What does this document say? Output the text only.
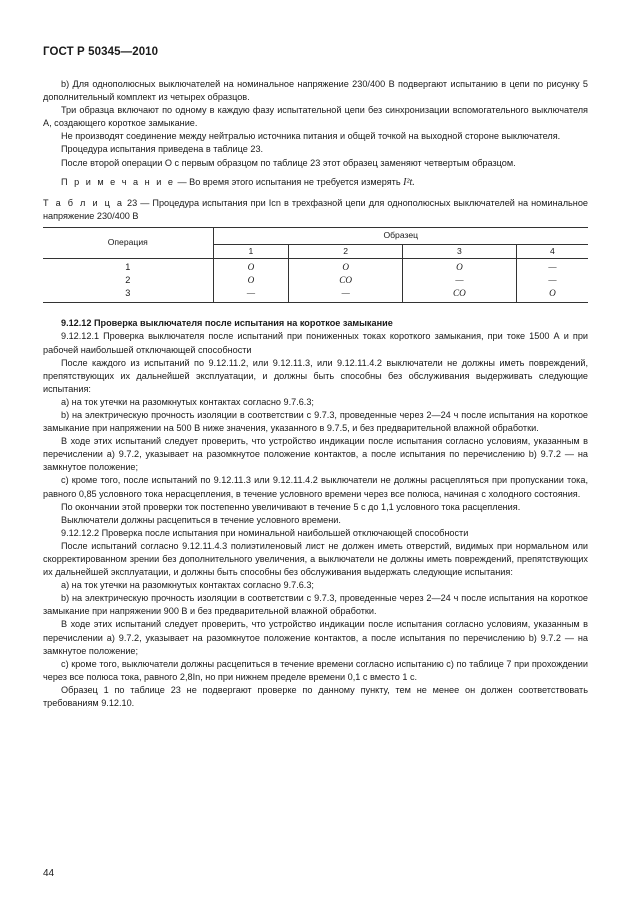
ГОСТ Р 50345—2010

b) Для однополюсных выключателей на номинальное напряжение 230/400 В подвергают испытанию в цепи по рисунку 5 дополнительный комплект из четырех образцов.

Три образца включают по одному в каждую фазу испытательной цепи без синхронизации вспомогательного выключателя А, создающего короткое замыкание.

Не производят соединение между нейтралью источника питания и общей точкой на выходной стороне выключателя.

Процедура испытания приведена в таблице 23.

После второй операции O с первым образцом по таблице 23 этот образец заменяют четвертым образцом.

П р и м е ч а н и е — Во время этого испытания не требуется измерять I²t.

Т а б л и ц а 23 — Процедура испытания при Icn в трехфазной цепи для однополюсных выключателей на номинальное напряжение 230/400 В

Операция	Образец			
	1	2	3	4
1	O	O	O	—
2	O	CO	—	—
3	—	—	CO	O

9.12.12 Проверка выключателя после испытания на короткое замыкание

9.12.12.1 Проверка выключателя после испытаний при пониженных токах короткого замыкания, при токе 1500 А и при рабочей наибольшей отключающей способности

После каждого из испытаний по 9.12.11.2, или 9.12.11.3, или 9.12.11.4.2 выключатели не должны иметь повреждений, препятствующих их дальнейшей эксплуатации, и должны быть способны без обслуживания выдерживать следующие испытания:

а) на ток утечки на разомкнутых контактах согласно 9.7.6.3;

b) на электрическую прочность изоляции в соответствии с 9.7.3, проведенные через 2—24 ч после испытания на короткое замыкание при напряжении на 500 В ниже значения, указанного в 9.7.5, и без предварительной влажной обработки.

В ходе этих испытаний следует проверить, что устройство индикации после испытания согласно условиям, указанным в перечислении а) 9.7.2, указывает на разомкнутое положение контактов, а после испытания по перечислению b) 9.7.2 — на замкнутое положение;

с) кроме того, после испытаний по 9.12.11.3 или 9.12.11.4.2 выключатели не должны расцепляться при пропускании тока, равного 0,85 условного тока нерасцепления, в течение условного времени через все полюса, начиная с холодного состояния.

По окончании этой проверки ток постепенно увеличивают в течение 5 с до 1,1 условного тока расцепления.

Выключатели должны расцепиться в течение условного времени.

9.12.12.2 Проверка после испытания при номинальной наибольшей отключающей способности

После испытаний согласно 9.12.11.4.3 полиэтиленовый лист не должен иметь отверстий, видимых при нормальном или скорректированном зрении без дополнительного увеличения, а выключатели не должны иметь повреждений, препятствующих их дальнейшей эксплуатации, и должны быть способны без обслуживания выдержать следующие испытания:

а) на ток утечки на разомкнутых контактах согласно 9.7.6.3;

b) на электрическую прочность изоляции в соответствии с 9.7.3, проведенные через 2—24 ч после испытания на короткое замыкание при напряжении 900 В и без предварительной влажной обработки.

В ходе этих испытаний следует проверить, что устройство индикации после испытания согласно условиям, указанным в перечислении а) 9.7.2, указывает на разомкнутое положение контактов, а после испытания по перечислению b) 9.7.2 — на замкнутое положение;

с) кроме того, выключатели должны расцепиться в течение времени согласно испытанию с) по таблице 7 при прохождении через все полюса тока, равного 2,8In, но при нижнем пределе времени 0,1 с вместо 1 с.

Образец 1 по таблице 23 не подвергают проверке по данному пункту, тем не менее он должен соответствовать требованиям 9.12.10.

44
